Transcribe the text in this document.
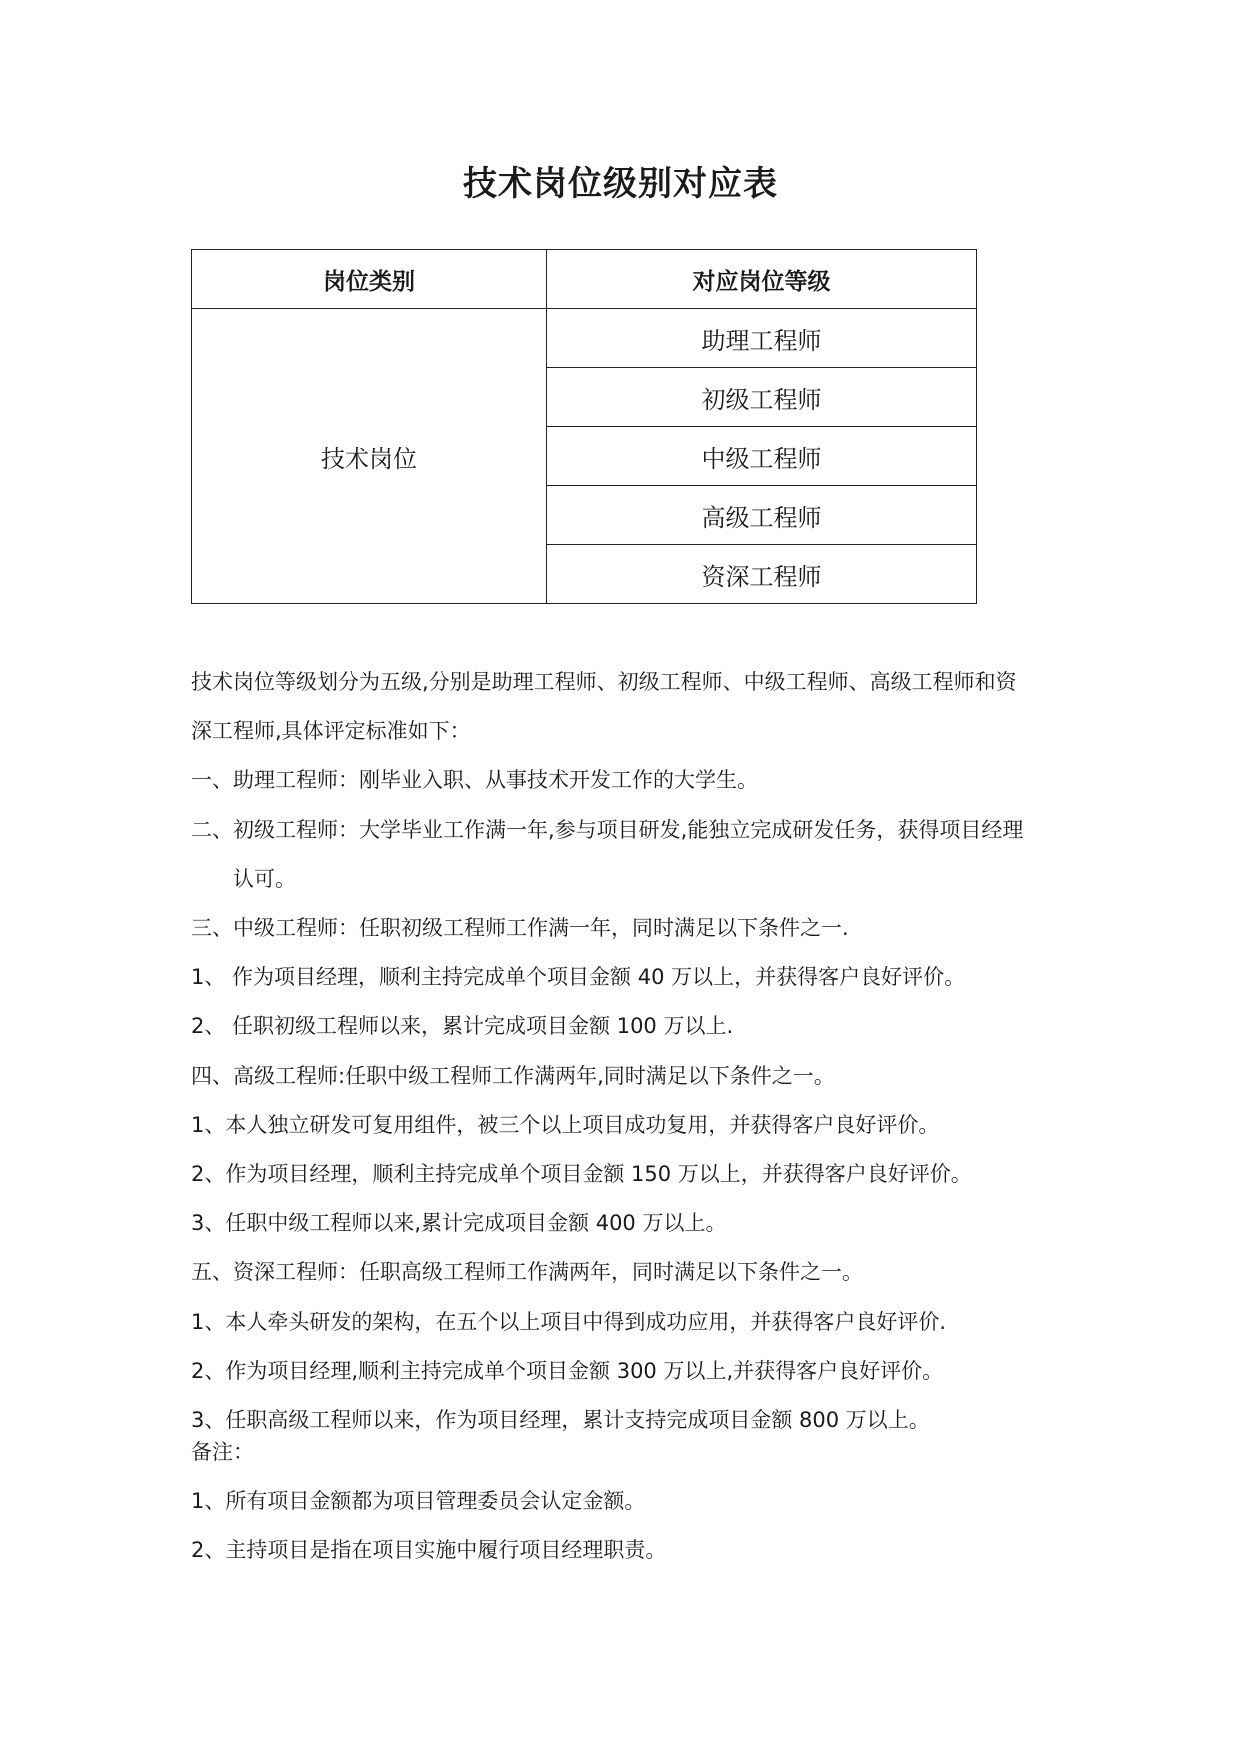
技术岗位级别对应表
岗位类别	对应岗位等级
技术岗位	助理工程师
	初级工程师
	中级工程师
	高级工程师
	资深工程师
技术岗位等级划分为五级,分别是助理工程师、初级工程师、中级工程师、高级工程师和资
深工程师,具体评定标准如下：
一、助理工程师：刚毕业入职、从事技术开发工作的大学生。
二、初级工程师：大学毕业工作满一年,参与项目研发,能独立完成研发任务，获得项目经理
认可。
三、中级工程师：任职初级工程师工作满一年，同时满足以下条件之一.
1、 作为项目经理，顺利主持完成单个项目金额 40 万以上，并获得客户良好评价。
2、 任职初级工程师以来，累计完成项目金额 100 万以上.
四、高级工程师:任职中级工程师工作满两年,同时满足以下条件之一。
1、本人独立研发可复用组件，被三个以上项目成功复用，并获得客户良好评价。
2、作为项目经理，顺利主持完成单个项目金额 150 万以上，并获得客户良好评价。
3、任职中级工程师以来,累计完成项目金额 400 万以上。
五、资深工程师：任职高级工程师工作满两年，同时满足以下条件之一。
1、本人牵头研发的架构，在五个以上项目中得到成功应用，并获得客户良好评价.
2、作为项目经理,顺利主持完成单个项目金额 300 万以上,并获得客户良好评价。
3、任职高级工程师以来，作为项目经理，累计支持完成项目金额 800 万以上。
备注：
1、所有项目金额都为项目管理委员会认定金额。
2、主持项目是指在项目实施中履行项目经理职责。
